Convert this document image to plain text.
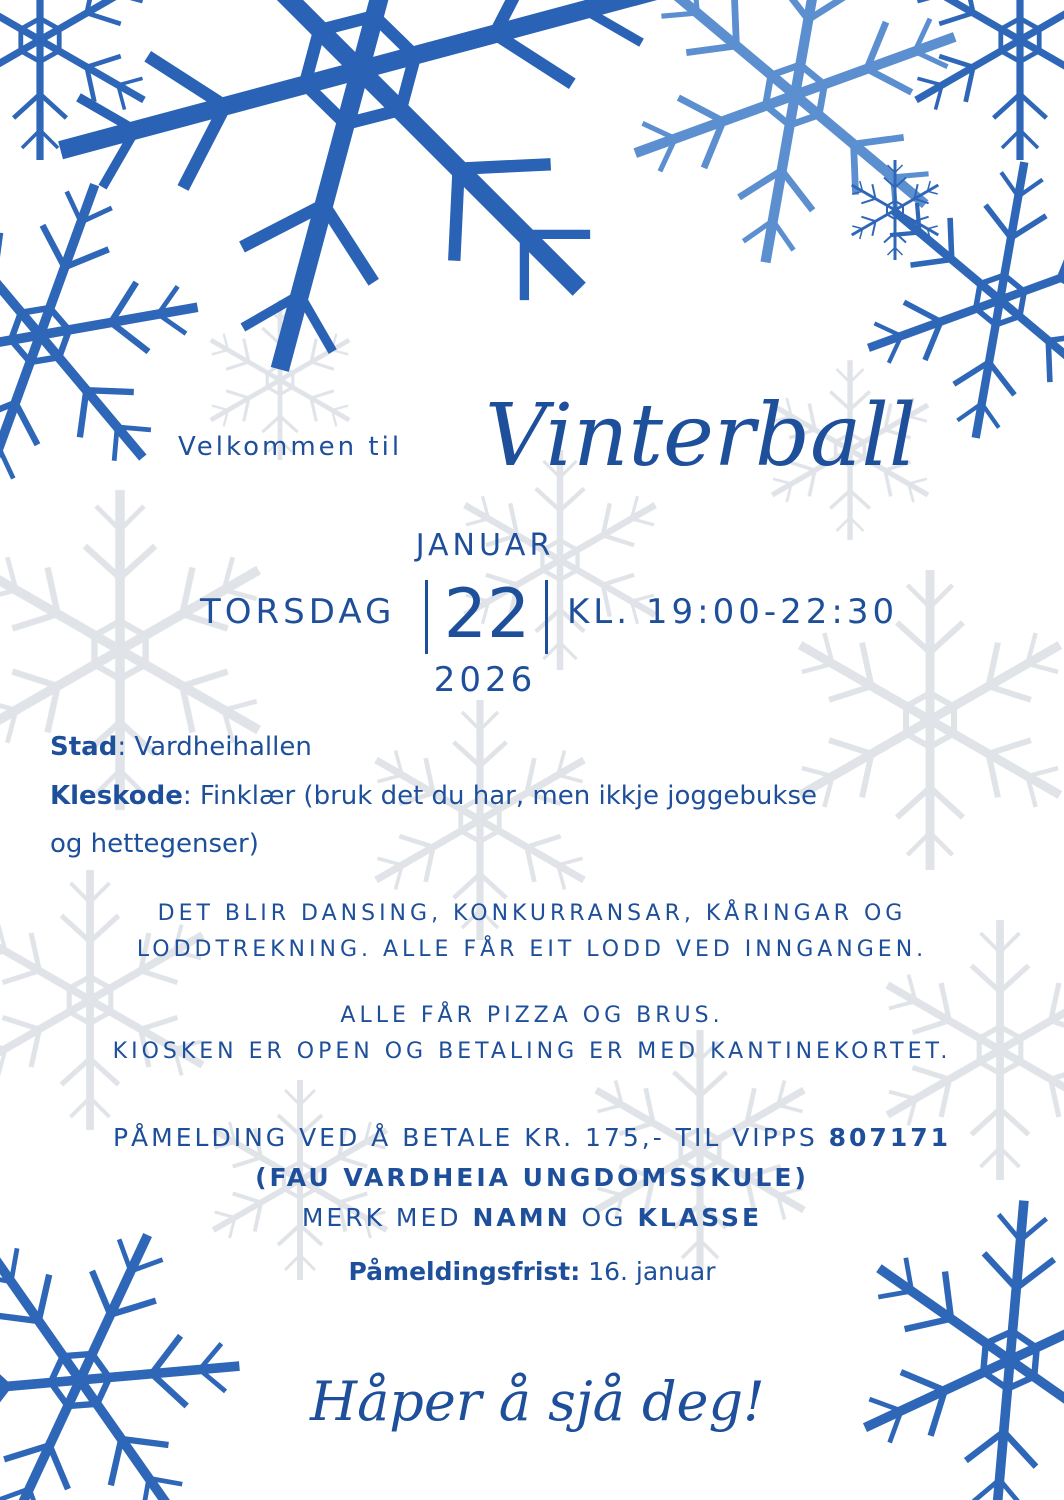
Velkommen til Vinterball
JANUAR
TORSDAG 22	KL. 19:00-22:30
2026
Stad: Vardheihallen
Kleskode: Finklær (bruk det du har, men ikkje joggebukse
og hettegenser)
DET BLIR DANSING, KONKURRANSAR, KÅRINGAR OG
LODDTREKNING. ALLE FÅR EIT LODD VED INNGANGEN.
ALLE FÅR PIZZA OG BRUS.
KIOSKEN ER OPEN OG BETALING ER MED KANTINEKORTET.
PÅMELDING VED Å BETALE KR. 175,- TIL VIPPS 807171
(FAU VARDHEIA UNGDOMSSKULE)
MERK MED NAMN OG KLASSE
Påmeldingsfrist: 16. januar
Håper å sjå deg!
